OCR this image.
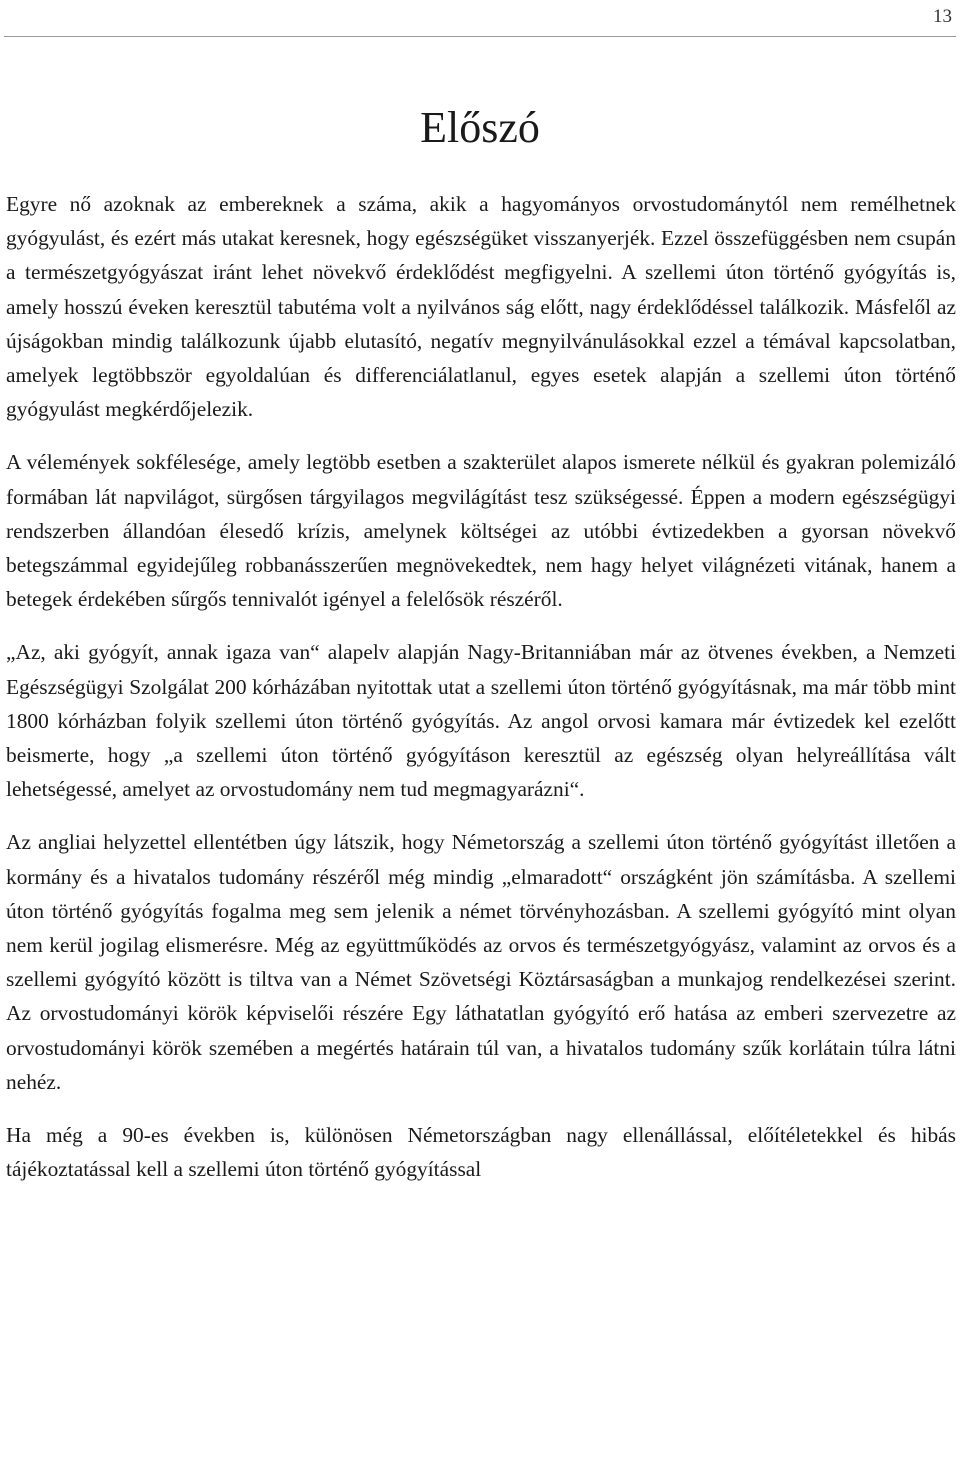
13
Előszó

Egyre nő azoknak az embereknek a száma, akik a hagyományos orvostudománytól nem remélhetnek gyógyulást, és ezért más utakat keresnek, hogy egészségüket visszanyerjék. Ezzel összefüggésben nem csupán a természetgyógyászat iránt lehet növekvő érdeklődést megfigyelni. A szellemi úton történő gyógyítás is, amely hosszú éveken keresztül tabutéma volt a nyilvános ság előtt, nagy érdeklődéssel találkozik. Másfelől az újságokban mindig találkozunk újabb elutasító, negatív megnyilvánulásokkal ezzel a témával kapcsolatban, amelyek legtöbbször egyoldalúan és differenciálatlanul, egyes esetek alapján a szellemi úton történő gyógyulást megkérdőjelezik.

A vélemények sokfélesége, amely legtöbb esetben a szakterület alapos ismerete nélkül és gyakran polemizáló formában lát napvilágot, sürgősen tárgyilagos megvilágítást tesz szükségessé. Éppen a modern egészségügyi rendszerben állandóan élesedő krízis, amelynek költségei az utóbbi évtizedekben a gyorsan növekvő betegszámmal egyidejűleg robbanásszerűen megnövekedtek, nem hagy helyet világnézeti vitának, hanem a betegek érdekében sűrgős tennivalót igényel a felelősök részéről.

„Az, aki gyógyít, annak igaza van“ alapelv alapján Nagy-Britanniában már az ötvenes években, a Nemzeti Egészségügyi Szolgálat 200 kórházában nyitottak utat a szellemi úton történő gyógyításnak, ma már több mint 1800 kórházban folyik szellemi úton történő gyógyítás. Az angol orvosi kamara már évtizedek kel ezelőtt beismerte, hogy „a szellemi úton történő gyógyításon keresztül az egészség olyan helyreállítása vált lehetségessé, amelyet az orvostudomány nem tud megmagyarázni“.

Az angliai helyzettel ellentétben úgy látszik, hogy Németország a szellemi úton történő gyógyítást illetően a kormány és a hivatalos tudomány részéről még mindig „elmaradott“ országként jön számításba. A szellemi úton történő gyógyítás fogalma meg sem jelenik a német törvényhozásban. A szellemi gyógyító mint olyan nem kerül jogilag elismerésre. Még az együttműködés az orvos és természetgyógyász, valamint az orvos és a szellemi gyógyító között is tiltva van a Német Szövetségi Köztársaságban a munkajog rendelkezései szerint. Az orvostudományi körök képviselői részére Egy láthatatlan gyógyító erő hatása az emberi szervezetre az orvostudományi körök szemében a megértés határain túl van, a hivatalos tudomány szűk korlátain túlra látni nehéz.

Ha még a 90-es években is, különösen Németországban nagy ellenállással, előítéletekkel és hibás tájékoztatással kell a szellemi úton történő gyógyítással
